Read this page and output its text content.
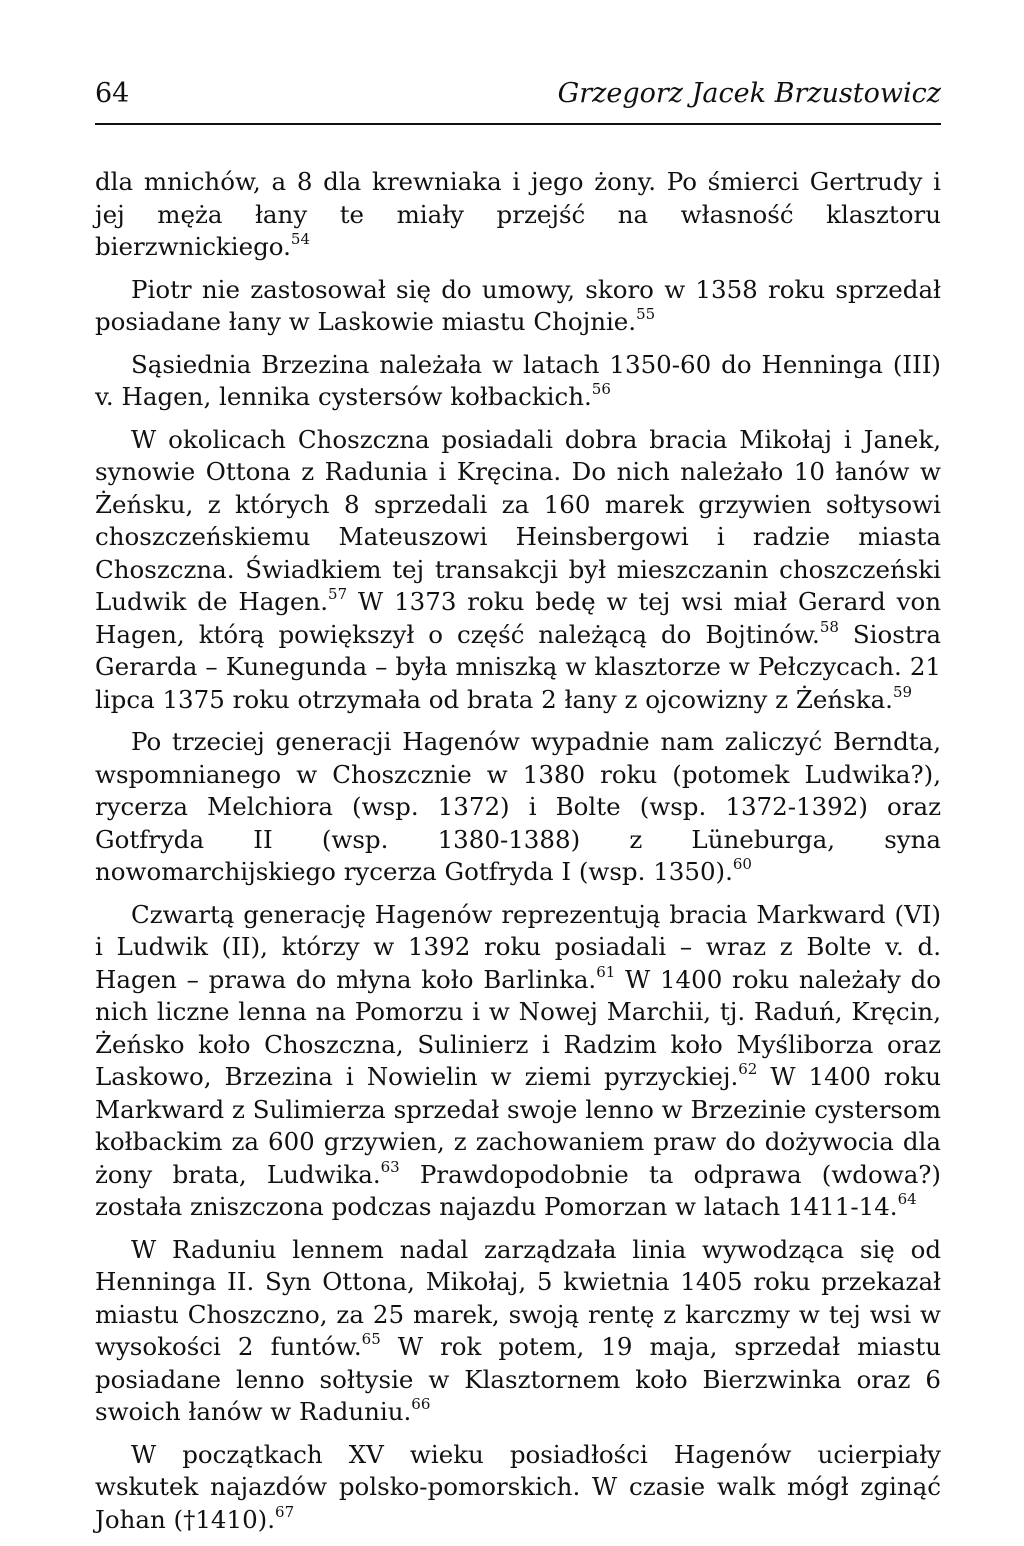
64	Grzegorz Jacek Brzustowicz

dla mnichów, a 8 dla krewniaka i jego żony. Po śmierci Gertrudy i jej męża łany te miały przejść na własność klasztoru bierzwnickiego.$^{54}$

Piotr nie zastosował się do umowy, skoro w 1358 roku sprzedał posiadane łany w Laskowie miastu Chojnie.$^{55}$

Sąsiednia Brzezina należała w latach 1350-60 do Henninga (III) v. Hagen, lennika cystersów kołbackich.$^{56}$

W okolicach Choszczna posiadali dobra bracia Mikołaj i Janek, synowie Ottona z Radunia i Kręcina. Do nich należało 10 łanów w Żeńsku, z których 8 sprzedali za 160 marek grzywien sołtysowi choszczeńskiemu Mateuszowi Heinsbergowi i radzie miasta Choszczna. Świadkiem tej transakcji był mieszczanin choszczeński Ludwik de Hagen.$^{57}$ W 1373 roku bedę w tej wsi miał Gerard von Hagen, którą powiększył o część należącą do Bojtinów.$^{58}$ Siostra Gerarda – Kunegunda – była mniszką w klasztorze w Pełczycach. 21 lipca 1375 roku otrzymała od brata 2 łany z ojcowizny z Żeńska.$^{59}$

Po trzeciej generacji Hagenów wypadnie nam zaliczyć Berndta, wspomnianego w Choszcznie w 1380 roku (potomek Ludwika?), rycerza Melchiora (wsp. 1372) i Bolte (wsp. 1372-1392) oraz Gotfryda II (wsp. 1380-1388) z Lüneburga, syna nowomarchijskiego rycerza Gotfryda I (wsp. 1350).$^{60}$

Czwartą generację Hagenów reprezentują bracia Markward (VI) i Ludwik (II), którzy w 1392 roku posiadali – wraz z Bolte v. d. Hagen – prawa do młyna koło Barlinka.$^{61}$ W 1400 roku należały do nich liczne lenna na Pomorzu i w Nowej Marchii, tj. Raduń, Kręcin, Żeńsko koło Choszczna, Sulinierz i Radzim koło Myśliborza oraz Laskowo, Brzezina i Nowielin w ziemi pyrzyckiej.$^{62}$ W 1400 roku Markward z Sulimierza sprzedał swoje lenno w Brzezinie cystersom kołbackim za 600 grzywien, z zachowaniem praw do dożywocia dla żony brata, Ludwika.$^{63}$ Prawdopodobnie ta odprawa (wdowa?) została zniszczona podczas najazdu Pomorzan w latach 1411-14.64

W Raduniu lennem nadal zarządzała linia wywodząca się od Henninga II. Syn Ottona, Mikołaj, 5 kwietnia 1405 roku przekazał miastu Choszczno, za 25 marek, swoją rentę z karczmy w tej wsi w wysokości 2 funtów.$^{65}$ W rok potem, 19 maja, sprzedał miastu posiadane lenno sołtysie w Klasztornem koło Bierzwinka oraz 6 swoich łanów w Raduniu.$^{66}$

W początkach XV wieku posiadłości Hagenów ucierpiały wskutek najazdów polsko-pomorskich. W czasie walk mógł zginąć Johan (†1410).$^{67}$
